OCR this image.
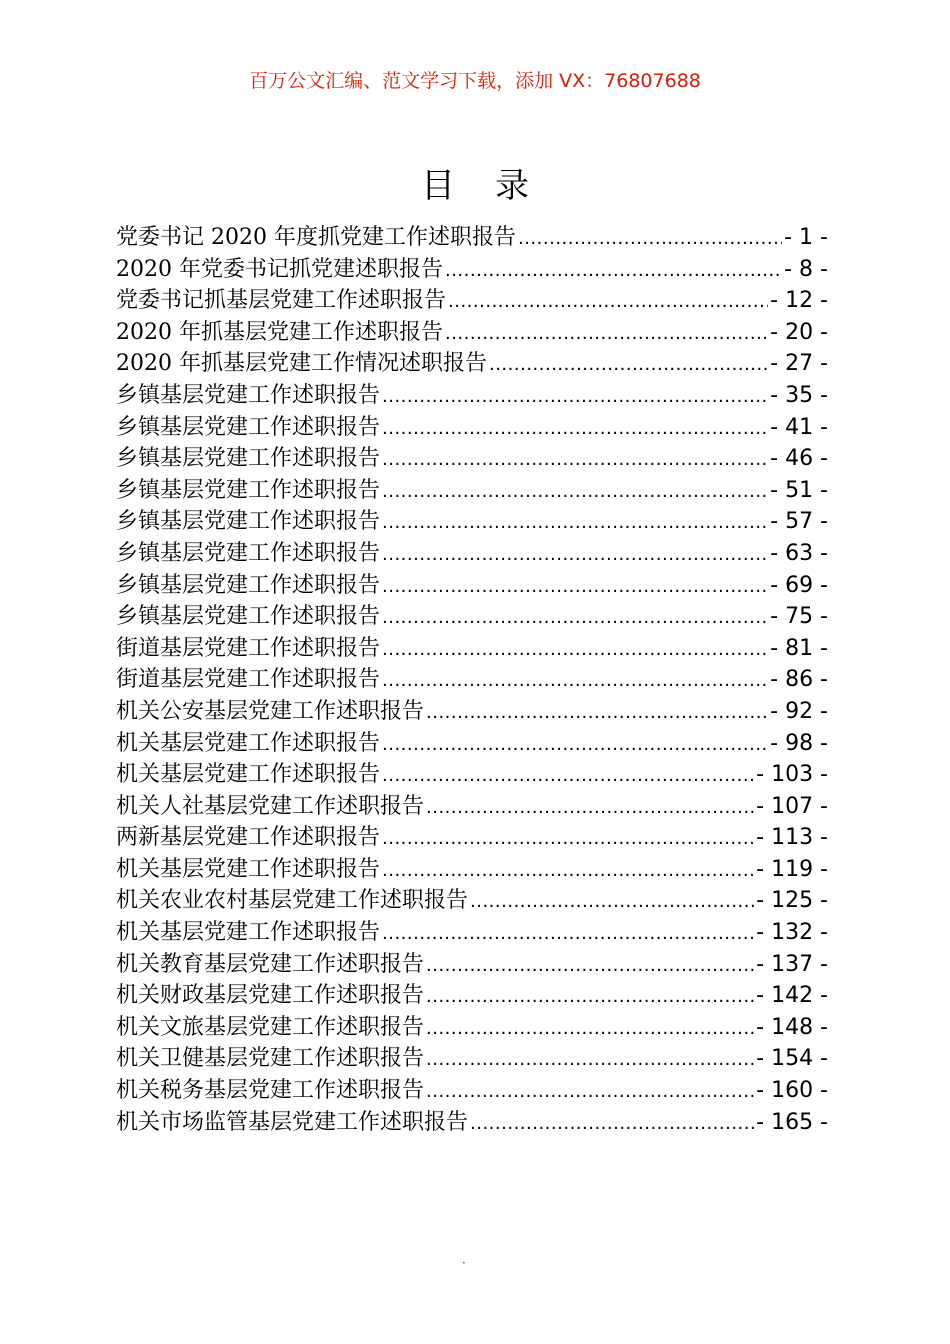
百万公文汇编、范文学习下载，添加 VX：76807688
目 录
党委书记 2020 年度抓党建工作述职报告 .....	- 1 -
2020 年党委书记抓党建述职报告 .....	- 8 -
党委书记抓基层党建工作述职报告 .....	- 12 -
2020 年抓基层党建工作述职报告 .....	- 20 -
2020 年抓基层党建工作情况述职报告 .....	- 27 -
乡镇基层党建工作述职报告 .....	- 35 -
乡镇基层党建工作述职报告 .....	- 41 -
乡镇基层党建工作述职报告 .....	- 46 -
乡镇基层党建工作述职报告 .....	- 51 -
乡镇基层党建工作述职报告 .....	- 57 -
乡镇基层党建工作述职报告 .....	- 63 -
乡镇基层党建工作述职报告 .....	- 69 -
乡镇基层党建工作述职报告 .....	- 75 -
街道基层党建工作述职报告 .....	- 81 -
街道基层党建工作述职报告 .....	- 86 -
机关公安基层党建工作述职报告 .....	- 92 -
机关基层党建工作述职报告 .....	- 98 -
机关基层党建工作述职报告 .....	- 103 -
机关人社基层党建工作述职报告 .....	- 107 -
两新基层党建工作述职报告 .....	- 113 -
机关基层党建工作述职报告 .....	- 119 -
机关农业农村基层党建工作述职报告 .....	- 125 -
机关基层党建工作述职报告 .....	- 132 -
机关教育基层党建工作述职报告 .....	- 137 -
机关财政基层党建工作述职报告 .....	- 142 -
机关文旅基层党建工作述职报告 .....	- 148 -
机关卫健基层党建工作述职报告 .....	- 154 -
机关税务基层党建工作述职报告 .....	- 160 -
机关市场监管基层党建工作述职报告 .....	- 165 -
·
